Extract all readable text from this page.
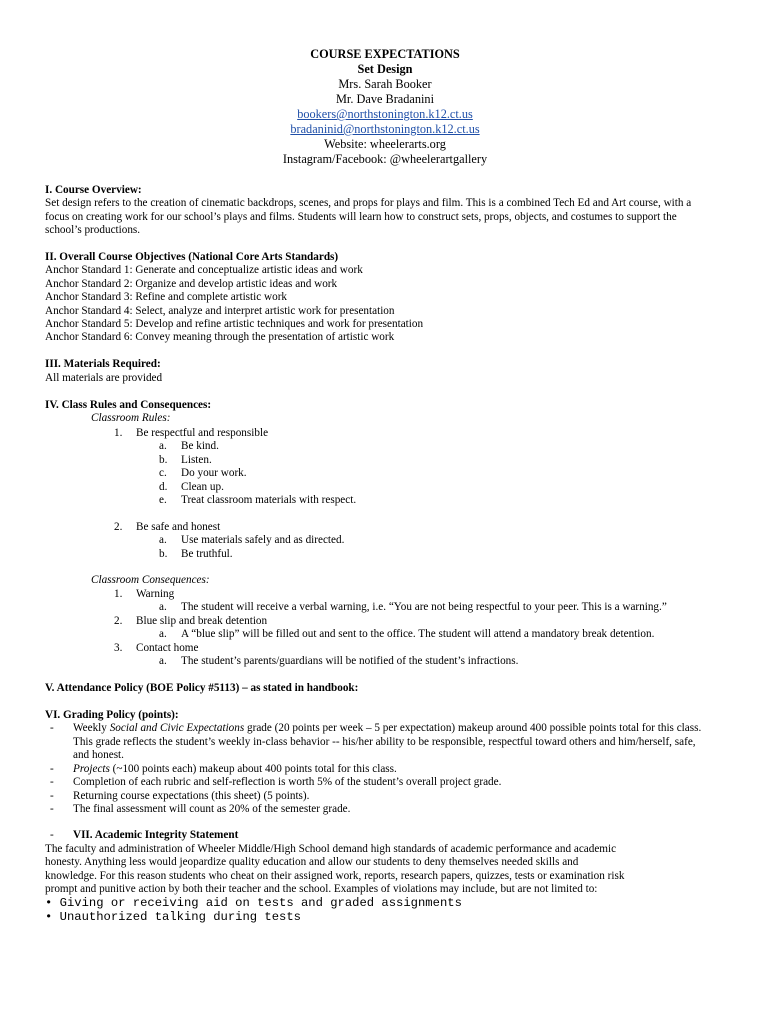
COURSE EXPECTATIONS
Set Design
Mrs. Sarah Booker
Mr. Dave Bradanini
bookers@northstonington.k12.ct.us
bradaninid@northstonington.k12.ct.us
Website: wheelerarts.org
Instagram/Facebook: @wheelerartgallery
I. Course Overview:
Set design refers to the creation of cinematic backdrops, scenes, and props for plays and film. This is a combined Tech Ed and Art course, with a
focus on creating work for our school’s plays and films. Students will learn how to construct sets, props, objects, and costumes to support the
school’s productions.
II. Overall Course Objectives (National Core Arts Standards)
Anchor Standard 1: Generate and conceptualize artistic ideas and work
Anchor Standard 2: Organize and develop artistic ideas and work
Anchor Standard 3: Refine and complete artistic work
Anchor Standard 4: Select, analyze and interpret artistic work for presentation
Anchor Standard 5: Develop and refine artistic techniques and work for presentation
Anchor Standard 6: Convey meaning through the presentation of artistic work
III. Materials Required:
All materials are provided
IV. Class Rules and Consequences:
Classroom Rules:
1. Be respectful and responsible
a. Be kind.
b. Listen.
c. Do your work.
d. Clean up.
e. Treat classroom materials with respect.
2. Be safe and honest
a. Use materials safely and as directed.
b. Be truthful.
Classroom Consequences:
1. Warning
a. The student will receive a verbal warning, i.e. “You are not being respectful to your peer. This is a warning.”
2. Blue slip and break detention
a. A “blue slip” will be filled out and sent to the office. The student will attend a mandatory break detention.
3. Contact home
a. The student’s parents/guardians will be notified of the student’s infractions.
V. Attendance Policy (BOE Policy #5113) – as stated in handbook:
VI. Grading Policy (points):
- Weekly Social and Civic Expectations grade (20 points per week – 5 per expectation) makeup around 400 possible points total for this class.
This grade reflects the student’s weekly in-class behavior -- his/her ability to be responsible, respectful toward others and him/herself, safe,
and honest.
- Projects (~100 points each) makeup about 400 points total for this class.
- Completion of each rubric and self-reflection is worth 5% of the student’s overall project grade.
- Returning course expectations (this sheet) (5 points).
- The final assessment will count as 20% of the semester grade.
- VII. Academic Integrity Statement
The faculty and administration of Wheeler Middle/High School demand high standards of academic performance and academic
honesty. Anything less would jeopardize quality education and allow our students to deny themselves needed skills and
knowledge. For this reason students who cheat on their assigned work, reports, research papers, quizzes, tests or examination risk
prompt and punitive action by both their teacher and the school. Examples of violations may include, but are not limited to:
• Giving or receiving aid on tests and graded assignments
• Unauthorized talking during tests
